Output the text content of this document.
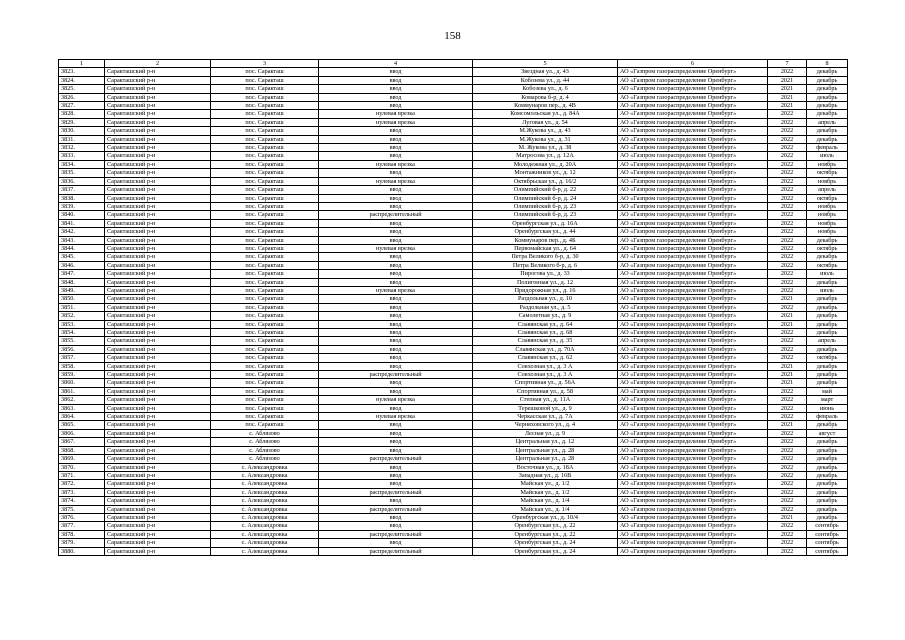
158
1	2	3	4	5	6	7	8
3823.	Саракташский р-н	пос. Саракташ	ввод	Звездная ул., д. 43	АО «Газпром газораспределение Оренбург»	2022	декабрь
3824.	Саракташский р-н	пос. Саракташ	ввод	Кобозева ул., д. 44	АО «Газпром газораспределение Оренбург»	2021	декабрь
3825.	Саракташский р-н	пос. Саракташ	ввод	Кобозева ул., д. 6	АО «Газпром газораспределение Оренбург»	2021	декабрь
3826.	Саракташский р-н	пос. Саракташ	ввод	Комарова б-р, д. 4	АО «Газпром газораспределение Оренбург»	2021	декабрь
3827.	Саракташский р-н	пос. Саракташ	ввод	Коммунаров пер., д. 4В	АО «Газпром газораспределение Оренбург»	2021	декабрь
3828.	Саракташский р-н	пос. Саракташ	нулевая врезка	Комсомольская ул., д. 84А	АО «Газпром газораспределение Оренбург»	2022	декабрь
3829.	Саракташский р-н	пос. Саракташ	нулевая врезка	Луговая ул., д. 54	АО «Газпром газораспределение Оренбург»	2022	апрель
3830.	Саракташский р-н	пос. Саракташ	ввод	М.Жукова ул., д. 43	АО «Газпром газораспределение Оренбург»	2022	декабрь
3831.	Саракташский р-н	пос. Саракташ	ввод	М.Жукова ул., д. 31	АО «Газпром газораспределение Оренбург»	2022	декабрь
3832.	Саракташский р-н	пос. Саракташ	ввод	М. Жукова ул., д. 38	АО «Газпром газораспределение Оренбург»	2022	февраль
3833.	Саракташский р-н	пос. Саракташ	ввод	Матросова ул., д. 12А	АО «Газпром газораспределение Оренбург»	2022	июль
3834.	Саракташский р-н	пос. Саракташ	нулевая врезка	Молодежная ул., д. 20А	АО «Газпром газораспределение Оренбург»	2022	ноябрь
3835.	Саракташский р-н	пос. Саракташ	ввод	Монтажников ул., д. 12	АО «Газпром газораспределение Оренбург»	2022	октябрь
3836.	Саракташский р-н	пос. Саракташ	нулевая врезка	Октябрьская ул., д. 16/2	АО «Газпром газораспределение Оренбург»	2022	ноябрь
3837.	Саракташский р-н	пос. Саракташ	ввод	Олимпийский б-р, д. 22	АО «Газпром газораспределение Оренбург»	2022	апрель
3838.	Саракташский р-н	пос. Саракташ	ввод	Олимпийский б-р, д. 24	АО «Газпром газораспределение Оренбург»	2022	октябрь
3839.	Саракташский р-н	пос. Саракташ	ввод	Олимпийский б-р, д. 23	АО «Газпром газораспределение Оренбург»	2022	ноябрь
3840.	Саракташский р-н	пос. Саракташ	распределительный	Олимпийский б-р, д. 23	АО «Газпром газораспределение Оренбург»	2022	ноябрь
3841.	Саракташский р-н	пос. Саракташ	ввод	Оренбургская ул., д. 16А	АО «Газпром газораспределение Оренбург»	2022	ноябрь
3842.	Саракташский р-н	пос. Саракташ	ввод	Оренбургская ул., д. 44	АО «Газпром газораспределение Оренбург»	2022	ноябрь
3843.	Саракташский р-н	пос. Саракташ	ввод	Коммунаров пер., д. 4Б	АО «Газпром газораспределение Оренбург»	2022	декабрь
3844.	Саракташский р-н	пос. Саракташ	нулевая врезка	Первомайская ул., д. 64	АО «Газпром газораспределение Оренбург»	2022	октябрь
3845.	Саракташский р-н	пос. Саракташ	ввод	Петра Великого б-р, д. 30	АО «Газпром газораспределение Оренбург»	2022	декабрь
3846.	Саракташский р-н	пос. Саракташ	ввод	Петра Великого б-р, д. 6	АО «Газпром газораспределение Оренбург»	2022	октябрь
3847.	Саракташский р-н	пос. Саракташ	ввод	Пирогова ул., д. 33	АО «Газпром газораспределение Оренбург»	2022	июль
3848.	Саракташский р-н	пос. Саракташ	ввод	Полигонная ул., д. 12	АО «Газпром газораспределение Оренбург»	2022	декабрь
3849.	Саракташский р-н	пос. Саракташ	нулевая врезка	Придорожная ул., д. 16	АО «Газпром газораспределение Оренбург»	2022	июль
3850.	Саракташский р-н	пос. Саракташ	ввод	Раздольная ул., д. 10	АО «Газпром газораспределение Оренбург»	2021	декабрь
3851.	Саракташский р-н	пос. Саракташ	ввод	Раздольная ул., д. 5	АО «Газпром газораспределение Оренбург»	2022	декабрь
3852.	Саракташский р-н	пос. Саракташ	ввод	Самолетная ул., д. 9	АО «Газпром газораспределение Оренбург»	2021	декабрь
3853.	Саракташский р-н	пос. Саракташ	ввод	Славянская ул., д. 64	АО «Газпром газораспределение Оренбург»	2021	декабрь
3854.	Саракташский р-н	пос. Саракташ	ввод	Славянская ул., д. 68	АО «Газпром газораспределение Оренбург»	2022	декабрь
3855.	Саракташский р-н	пос. Саракташ	ввод	Славянская ул., д. 35	АО «Газпром газораспределение Оренбург»	2022	апрель
3856.	Саракташский р-н	пос. Саракташ	ввод	Славянская ул., д. 70А	АО «Газпром газораспределение Оренбург»	2022	декабрь
3857.	Саракташский р-н	пос. Саракташ	ввод	Славянская ул., д. 62	АО «Газпром газораспределение Оренбург»	2022	октябрь
3858.	Саракташский р-н	пос. Саракташ	ввод	Совхозная ул., д. 3 А	АО «Газпром газораспределение Оренбург»	2021	декабрь
3859.	Саракташский р-н	пос. Саракташ	распределительный	Совхозная ул., д. 3 А	АО «Газпром газораспределение Оренбург»	2021	декабрь
3860.	Саракташский р-н	пос. Саракташ	ввод	Спортивная ул., д. 56А	АО «Газпром газораспределение Оренбург»	2021	декабрь
3861.	Саракташский р-н	пос. Саракташ	ввод	Спортивная ул., д. 58	АО «Газпром газораспределение Оренбург»	2022	май
3862.	Саракташский р-н	пос. Саракташ	нулевая врезка	Степная ул., д. 11А	АО «Газпром газораспределение Оренбург»	2022	март
3863.	Саракташский р-н	пос. Саракташ	ввод	Терешковой ул., д. 9	АО «Газпром газораспределение Оренбург»	2022	июнь
3864.	Саракташский р-н	пос. Саракташ	нулевая врезка	Черкасская ул., д. 7А	АО «Газпром газораспределение Оренбург»	2022	февраль
3865.	Саракташский р-н	пос. Саракташ	ввод	Черняховского ул., д. 4	АО «Газпром газораспределение Оренбург»	2021	декабрь
3866.	Саракташский р-н	с. Аблязово	ввод	Лесная ул., д. 9	АО «Газпром газораспределение Оренбург»	2022	август
3867.	Саракташский р-н	с. Аблязово	ввод	Центральная ул., д. 12	АО «Газпром газораспределение Оренбург»	2022	декабрь
3868.	Саракташский р-н	с. Аблязово	ввод	Центральная ул., д. 28	АО «Газпром газораспределение Оренбург»	2022	декабрь
3869.	Саракташский р-н	с. Аблязово	распределительный	Центральная ул., д. 28	АО «Газпром газораспределение Оренбург»	2022	декабрь
3870.	Саракташский р-н	с. Александровка	ввод	Восточная ул., д. 18А	АО «Газпром газораспределение Оренбург»	2022	декабрь
3871.	Саракташский р-н	с. Александровка	ввод	Западная ул., д. 16В	АО «Газпром газораспределение Оренбург»	2022	декабрь
3872.	Саракташский р-н	с. Александровка	ввод	Майская ул., д. 1/2	АО «Газпром газораспределение Оренбург»	2022	декабрь
3873.	Саракташский р-н	с. Александровка	распределительный	Майская ул., д. 1/2	АО «Газпром газораспределение Оренбург»	2022	декабрь
3874.	Саракташский р-н	с. Александровка	ввод	Майская ул., д. 1/4	АО «Газпром газораспределение Оренбург»	2022	декабрь
3875.	Саракташский р-н	с. Александровка	распределительный	Майская ул., д. 1/4	АО «Газпром газораспределение Оренбург»	2022	декабрь
3876.	Саракташский р-н	с. Александровка	ввод	Оренбургская ул., д. 10/4	АО «Газпром газораспределение Оренбург»	2021	декабрь
3877.	Саракташский р-н	с. Александровка	ввод	Оренбургская ул., д. 22	АО «Газпром газораспределение Оренбург»	2022	сентябрь
3878.	Саракташский р-н	с. Александровка	распределительный	Оренбургская ул., д. 22	АО «Газпром газораспределение Оренбург»	2022	сентябрь
3879.	Саракташский р-н	с. Александровка	ввод	Оренбургская ул., д. 24	АО «Газпром газораспределение Оренбург»	2022	сентябрь
3880.	Саракташский р-н	с. Александровка	распределительный	Оренбургская ул., д. 24	АО «Газпром газораспределение Оренбург»	2022	сентябрь
